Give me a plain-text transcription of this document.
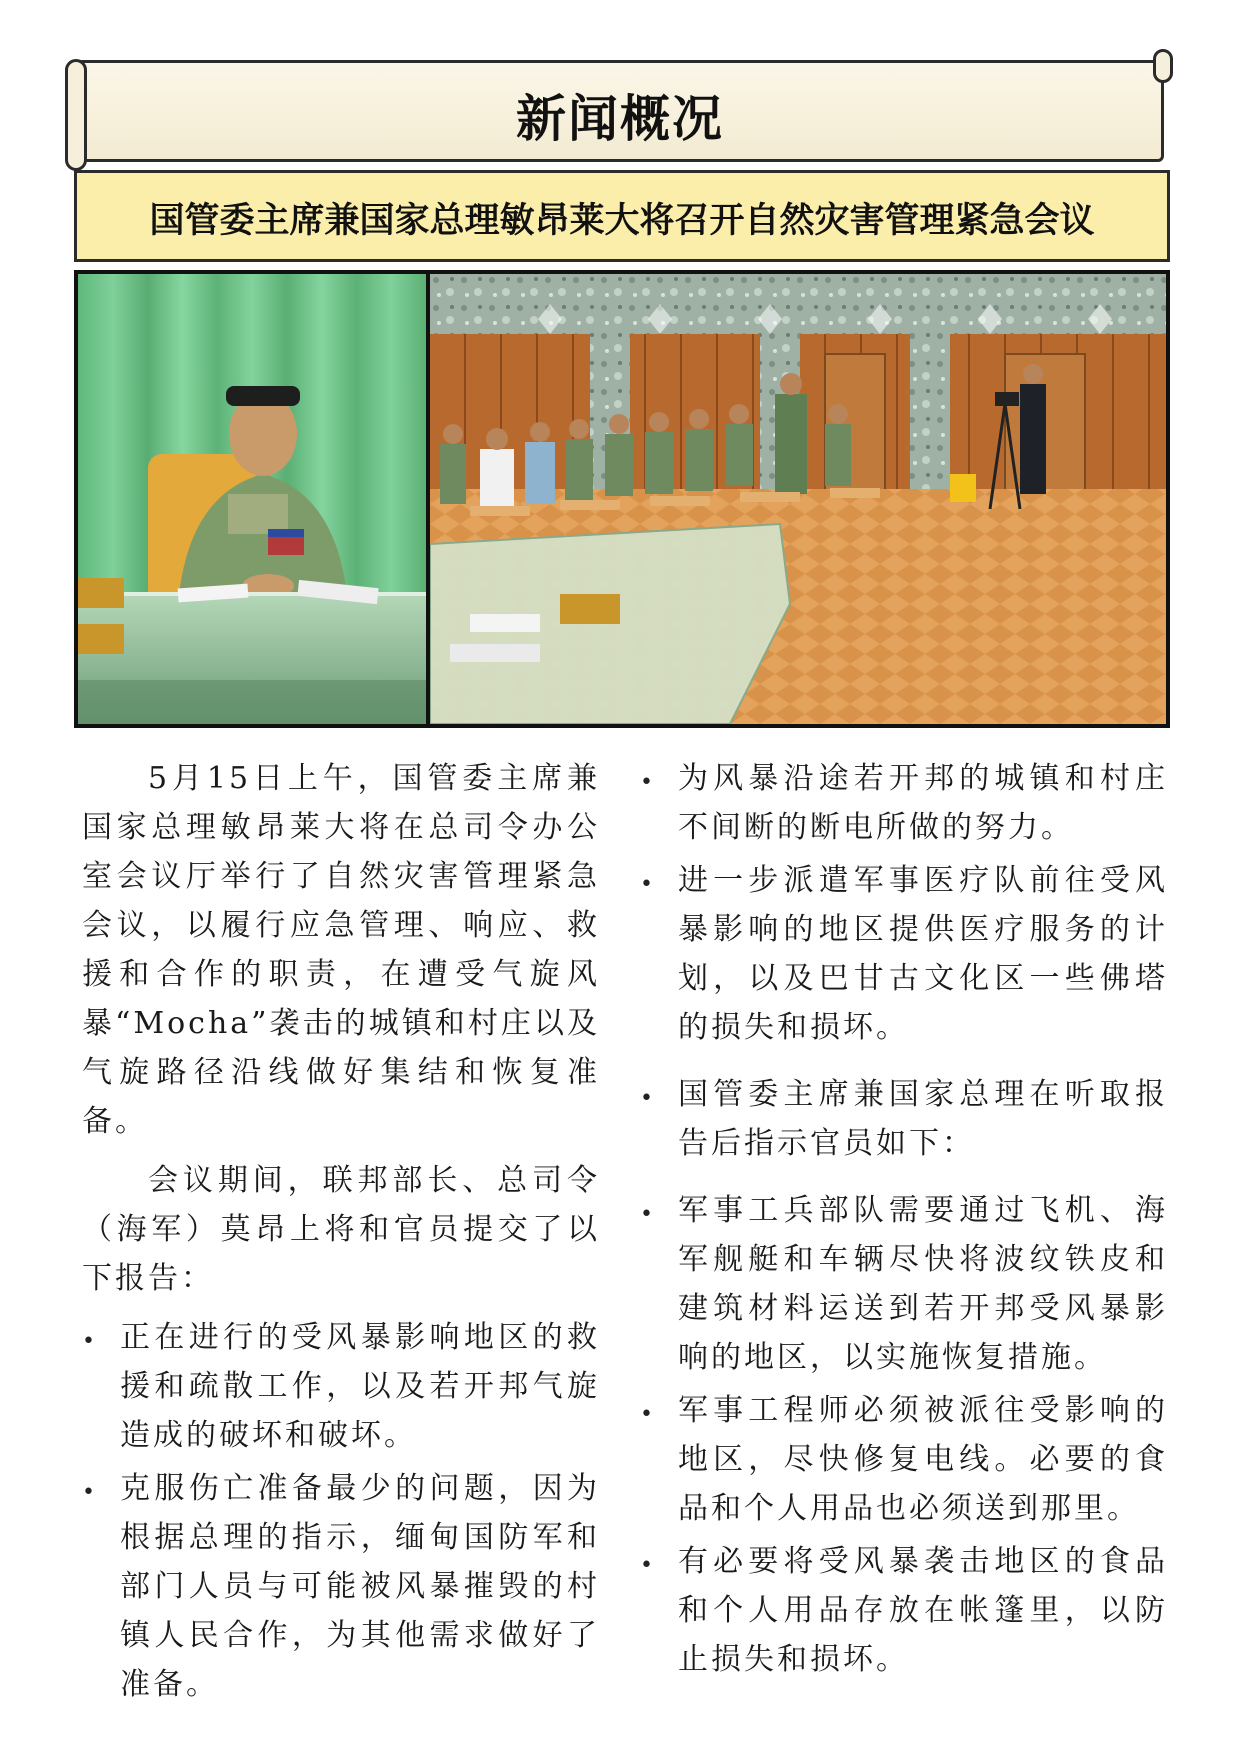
新闻概况
国管委主席兼国家总理敏昂莱大将召开自然灾害管理紧急会议

5月15日上午，国管委主席兼国家总理敏昂莱大将在总司令办公室会议厅举行了自然灾害管理紧急会议，以履行应急管理、响应、救援和合作的职责，在遭受气旋风暴“Mocha”袭击的城镇和村庄以及气旋路径沿线做好集结和恢复准备。

会议期间，联邦部长、总司令（海军）莫昂上将和官员提交了以下报告：

• 正在进行的受风暴影响地区的救援和疏散工作，以及若开邦气旋造成的破坏和破坏。
• 克服伤亡准备最少的问题，因为根据总理的指示，缅甸国防军和部门人员与可能被风暴摧毁的村镇人民合作，为其他需求做好了准备。
• 为风暴沿途若开邦的城镇和村庄不间断的断电所做的努力。
• 进一步派遣军事医疗队前往受风暴影响的地区提供医疗服务的计划，以及巴甘古文化区一些佛塔的损失和损坏。
• 国管委主席兼国家总理在听取报告后指示官员如下：
• 军事工兵部队需要通过飞机、海军舰艇和车辆尽快将波纹铁皮和建筑材料运送到若开邦受风暴影响的地区，以实施恢复措施。
• 军事工程师必须被派往受影响的地区，尽快修复电线。必要的食品和个人用品也必须送到那里。
• 有必要将受风暴袭击地区的食品和个人用品存放在帐篷里，以防止损失和损坏。
